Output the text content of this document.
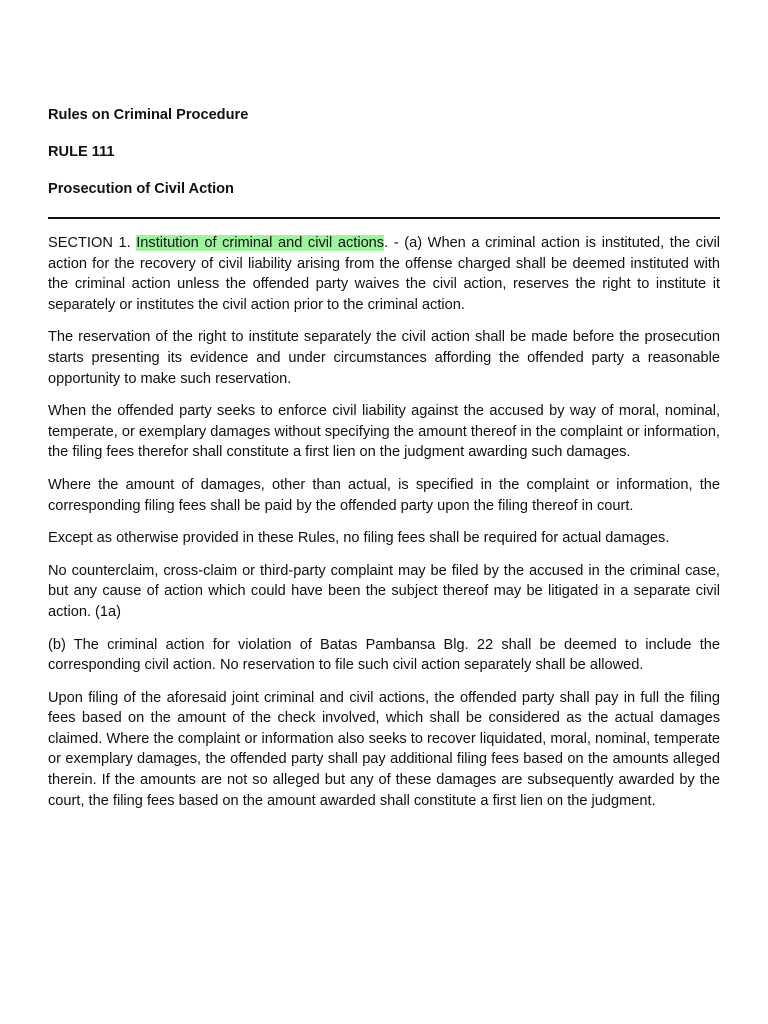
Rules on Criminal Procedure
RULE 111
Prosecution of Civil Action

SECTION 1. Institution of criminal and civil actions. - (a) When a criminal action is instituted, the civil action for the recovery of civil liability arising from the offense charged shall be deemed instituted with the criminal action unless the offended party waives the civil action, reserves the right to institute it separately or institutes the civil action prior to the criminal action.

The reservation of the right to institute separately the civil action shall be made before the prosecution starts presenting its evidence and under circumstances affording the offended party a reasonable opportunity to make such reservation.

When the offended party seeks to enforce civil liability against the accused by way of moral, nominal, temperate, or exemplary damages without specifying the amount thereof in the complaint or information, the filing fees therefor shall constitute a first lien on the judgment awarding such damages.

Where the amount of damages, other than actual, is specified in the complaint or information, the corresponding filing fees shall be paid by the offended party upon the filing thereof in court.

Except as otherwise provided in these Rules, no filing fees shall be required for actual damages.

No counterclaim, cross-claim or third-party complaint may be filed by the accused in the criminal case, but any cause of action which could have been the subject thereof may be litigated in a separate civil action. (1a)

(b) The criminal action for violation of Batas Pambansa Blg. 22 shall be deemed to include the corresponding civil action. No reservation to file such civil action separately shall be allowed.

Upon filing of the aforesaid joint criminal and civil actions, the offended party shall pay in full the filing fees based on the amount of the check involved, which shall be considered as the actual damages claimed. Where the complaint or information also seeks to recover liquidated, moral, nominal, temperate or exemplary damages, the offended party shall pay additional filing fees based on the amounts alleged therein. If the amounts are not so alleged but any of these damages are subsequently awarded by the court, the filing fees based on the amount awarded shall constitute a first lien on the judgment.
